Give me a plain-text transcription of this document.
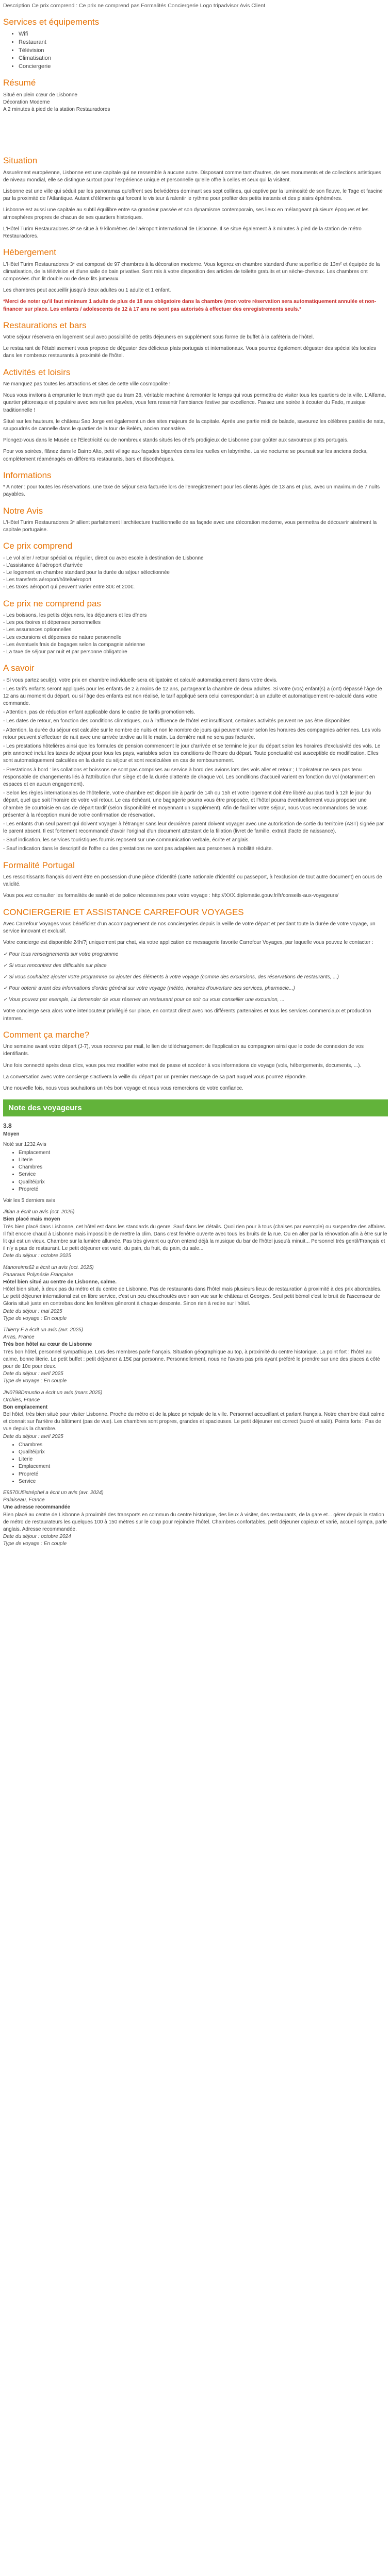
Description Ce prix comprend : Ce prix ne comprend pas Formalités Conciergerie Logo tripadvisor Avis Client
Services et équipements
• Wifi
• Restaurant
• Télévision
• Climatisation
• Conciergerie
Résumé

Situé en plein cœur de Lisbonne
Décoration Moderne
A 2 minutes à pied de la station Restauradores

Situation

Assurément européenne, Lisbonne est une capitale qui ne ressemble à aucune autre. Disposant comme tant d'autres, de ses monuments et de collections artistiques de niveau mondial, elle se distingue surtout pour l'expérience unique et personnelle qu'elle offre à celles et ceux qui la visitent.

Lisbonne est une ville qui séduit par les panoramas qu'offrent ses belvédères dominant ses sept collines, qui captive par la luminosité de son fleuve, le Tage et fascine par la proximité de l'Atlantique. Autant d'éléments qui forcent le visiteur à ralentir le rythme pour profiter des petits instants et des plaisirs éphémères.

Lisbonne est aussi une capitale au subtil équilibre entre sa grandeur passée et son dynamisme contemporain, ses lieux en mélangeant plusieurs époques et les atmosphères propres de chacun de ses quartiers historiques.

L'Hôtel Turim Restauradores 3* se situe à 9 kilomètres de l'aéroport international de Lisbonne. Il se situe également à 3 minutes à pied de la station de métro Restauradores.

Hébergement

L'Hôtel Turim Restauradores 3* est composé de 97 chambres à la décoration moderne. Vous logerez en chambre standard d'une superficie de 13m² et équipée de la climatisation, de la télévision et d'une salle de bain privative. Sont mis à votre disposition des articles de toilette gratuits et un sèche-cheveux. Les chambres ont composées d'un lit double ou de deux lits jumeaux.

Les chambres peut accueillir jusqu'à deux adultes ou 1 adulte et 1 enfant.

*Merci de noter qu'il faut minimum 1 adulte de plus de 18 ans obligatoire dans la chambre (mon votre réservation sera automatiquement annulée et non-financer sur place. Les enfants / adolescents de 12 à 17 ans ne sont pas autorisés à effectuer des enregistrements seuls.*

Restaurations et bars

Votre séjour réservera en logement seul avec possibilité de petits déjeuners en supplément sous forme de buffet à la cafétéria de l'hôtel.

Le restaurant de l'établissement vous propose de déguster des délicieux plats portugais et internationaux. Vous pourrez également déguster des spécialités locales dans les nombreux restaurants à proximité de l'hôtel.

Activités et loisirs

Ne manquez pas toutes les attractions et sites de cette ville cosmopolite !

Nous vous invitons à emprunter le tram mythique du tram 28, véritable machine à remonter le temps qui vous permettra de visiter tous les quartiers de la ville. L'Alfama, quartier pittoresque et populaire avec ses ruelles pavées, vous fera ressentir l'ambiance festive par excellence. Passez une soirée à écouter du Fado, musique traditionnelle !

Situé sur les hauteurs, le château Sao Jorge est également un des sites majeurs de la capitale. Après une partie midi de balade, savourez les célèbres pastéis de nata, saupoudrés de cannelle dans le quartier de la tour de Belém, ancien monastère.

Plongez-vous dans le Musée de l'Électricité ou de nombreux stands situés les chefs prodigieux de Lisbonne pour goûter aux savoureux plats portugais.

Pour vos soirées, flânez dans le Bairro Alto, petit village aux façades bigarrées dans les ruelles en labyrinthe. La vie nocturne se poursuit sur les anciens docks, complètement réaménagés en différents restaurants, bars et discothèques.

Informations

* A noter : pour toutes les réservations, une taxe de séjour sera facturée lors de l'enregistrement pour les clients âgés de 13 ans et plus, avec un maximum de 7 nuits payables.

Notre Avis

L'Hôtel Turim Restauradores 3* allient parfaitement l'architecture traditionnelle de sa façade avec une décoration moderne, vous permettra de découvrir aisément la capitale portugaise.

Ce prix comprend
- Le vol aller / retour spécial ou régulier, direct ou avec escale à destination de Lisbonne
- L'assistance à l'aéroport d'arrivée
- Le logement en chambre standard pour la durée du séjour sélectionnée
- Les transferts aéroport/hôtel/aéroport
- Les taxes aéroport qui peuvent varier entre 30€ et 200€.
Ce prix ne comprend pas
- Les boissons, les petits déjeuners, les déjeuners et les dîners
- Les pourboires et dépenses personnelles
- Les assurances optionnelles
- Les excursions et dépenses de nature personnelle
- Les éventuels frais de bagages selon la compagnie aérienne
- La taxe de séjour par nuit et par personne obligatoire
A savoir

- Si vous partez seul(e), votre prix en chambre individuelle sera obligatoire et calculé automatiquement dans votre devis.

- Les tarifs enfants seront appliqués pour les enfants de 2 à moins de 12 ans, partageant la chambre de deux adultes. Si votre (vos) enfant(s) a (ont) dépassé l'âge de 12 ans au moment du départ, ou si l'âge des enfants est non réalisé, le tarif appliqué sera celui correspondant à un adulte et automatiquement re-calculé dans votre commande.

- Attention, pas de réduction enfant applicable dans le cadre de tarifs promotionnels.

- Les dates de retour, en fonction des conditions climatiques, ou à l'affluence de l'hôtel est insuffisant, certaines activités peuvent ne pas être disponibles.

- Attention, la durée du séjour est calculée sur le nombre de nuits et non le nombre de jours qui peuvent varier selon les horaires des compagnies aériennes. Les vols retour peuvent s'effectuer de nuit avec une arrivée tardive au lit le matin. La dernière nuit ne sera pas facturée.

- Les prestations hôtelières ainsi que les formules de pension commencent le jour d'arrivée et se termine le jour du départ selon les horaires d'exclusivité des vols. Le prix annoncé inclut les taxes de séjour pour tous les pays, variables selon les conditions de l'heure du départ. Toute ponctualité est susceptible de modification. Elles sont automatiquement calculées en la durée du séjour et sont recalculées en cas de remboursement.

- Prestations à bord : les collations et boissons ne sont pas comprises au service à bord des avions lors des vols aller et retour ; L'opérateur ne sera pas tenu responsable de changements liés à l'attribution d'un siège et de la durée d'attente de chaque vol. Les conditions d'accueil varient en fonction du vol (notamment en espaces et en aucun engagement).

- Selon les règles internationales de l'hôtellerie, votre chambre est disponible à partir de 14h ou 15h et votre logement doit être libéré au plus tard à 12h le jour du départ, quel que soit l'horaire de votre vol retour. Le cas échéant, une bagagerie pourra vous être proposée, et l'hôtel pourra éventuellement vous proposer une chambre de courtoisie en cas de départ tardif (selon disponibilité et moyennant un supplément). Afin de faciliter votre séjour, nous vous recommandons de vous présenter à la réception muni de votre confirmation de réservation.

- Les enfants d'un seul parent qui doivent voyager à l'étranger sans leur deuxième parent doivent voyager avec une autorisation de sortie du territoire (AST) signée par le parent absent. Il est fortement recommandé d'avoir l'original d'un document attestant de la filiation (livret de famille, extrait d'acte de naissance).

- Sauf indication, les services touristiques fournis reposent sur une communication verbale, écrite et anglais.

- Sauf indication dans le descriptif de l'offre ou des prestations ne sont pas adaptées aux personnes à mobilité réduite.

Formalité Portugal

Les ressortissants français doivent être en possession d'une pièce d'identité (carte nationale d'identité ou passeport, à l'exclusion de tout autre document) en cours de validité.

Vous pouvez consulter les formalités de santé et de police nécessaires pour votre voyage : http://XXX.diplomatie.gouv.fr/fr/conseils-aux-voyageurs/

CONCIERGERIE ET ASSISTANCE CARREFOUR VOYAGES

Avec Carrefour Voyages vous bénéficiez d'un accompagnement de nos conciergeries depuis la veille de votre départ et pendant toute la durée de votre voyage, un service innovant et exclusif.

Votre concierge est disponible 24h/7j uniquement par chat, via votre application de messagerie favorite Carrefour Voyages, par laquelle vous pouvez le contacter :

✓ Pour tous renseignements sur votre programme

✓ Si vous rencontrez des difficultés sur place

✓ Si vous souhaitez ajouter votre programme ou ajouter des éléments à votre voyage (comme des excursions, des réservations de restaurants, ...)

✓ Pour obtenir avant des informations d'ordre général sur votre voyage (météo, horaires d'ouverture des services, pharmacie...)

✓ Vous pouvez par exemple, lui demander de vous réserver un restaurant pour ce soir ou vous conseiller une excursion, ...

Votre concierge sera alors votre interlocuteur privilégié sur place, en contact direct avec nos différents partenaires et tous les services commerciaux et production internes.

Comment ça marche?

Une semaine avant votre départ (J-7), vous recevrez par mail, le lien de téléchargement de l'application au compagnon ainsi que le code de connexion de vos identifiants.

Une fois connecté après deux clics, vous pourrez modifier votre mot de passe et accéder à vos informations de voyage (vols, hébergements, documents, ...).

La conversation avec votre concierge s'activera la veille du départ par un premier message de sa part auquel vous pourrez répondre.

Une nouvelle fois, nous vous souhaitons un très bon voyage et nous vous remercions de votre confiance.

Note des voyageurs
3.8
Moyen
Noté sur 1232 Avis
• Emplacement
• Literie
• Chambres
• Service
• Qualité/prix
• Propreté
Voir les 5 derniers avis
Jitian a écrit un avis (oct. 2025)
Bien placé mais moyen
Très bien placé dans Lisbonne, cet hôtel est dans les standards du genre. Sauf dans les détails. Quoi rien pour à tous (chaises par exemple) ou suspendre des affaires. Il fait encore chaud à Lisbonne mais impossible de mettre la clim. Dans c'est fenêtre ouverte avec tous les bruits de la rue. Ou en aller par la rénovation afin à être sur le lit qui est un vieux. Chambre sur la lumière allumée. Pas très givrant ou qu'on entend déjà la musique du bar de l'hôtel jusqu'à minuit... Personnel très gentil/Français et il n'y a pas de restaurant. Le petit déjeuner est varié, du pain, du fruit, du pain, du sale...
Date du séjour : octobre 2025
Manoreims62 a écrit un avis (oct. 2025)
Panaraux Polynésie Française
Hôtel bien situé au centre de Lisbonne, calme.
Hôtel bien situé, à deux pas du métro et du centre de Lisbonne. Pas de restaurants dans l'hôtel mais plusieurs lieux de restauration à proximité à des prix abordables. Le petit déjeuner international est en libre service, c'est un peu chouchoutés avoir son vue sur le château et Georges. Seul petit bémol c'est le bruit de l'ascenseur de Gloria situé juste en contrebas donc les fenêtres gêneront à chaque descente. Sinon rien à redire sur l'hôtel.
Date du séjour : mai 2025
Type de voyage : En couple
Thierry F a écrit un avis (avr. 2025)
Arras, France
Très bon hôtel au cœur de Lisbonne
Très bon hôtel, personnel sympathique. Lors des membres parle français. Situation géographique au top, à proximité du centre historique. La point fort : l'hôtel au calme, bonne literie. Le petit buffet : petit déjeuner à 15€ par personne. Personnellement, nous ne l'avons pas pris ayant préféré le prendre sur une des places à côté pour de 10e pour deux.
Date du séjour : avril 2025
Type de voyage : En couple
JN0798Dmustio a écrit un avis (mars 2025)
Orchies, France
Bon emplacement
Bel hôtel, très bien situé pour visiter Lisbonne. Proche du métro et de la place principale de la ville. Personnel accueillant et parlant français. Notre chambre était calme et donnait sur l'arrière du bâtiment (pas de vue). Les chambres sont propres, grandes et spacieuses. Le petit déjeuner est correct (sucré et salé). Points forts : Pas de vue depuis la chambre.
Date du séjour : avril 2025
• Chambres
• Qualité/prix
• Literie
• Emplacement
• Propreté
• Service
E9570U5istréphel a écrit un avis (avr. 2024)
Palaiseau, France
Une adresse recommandée
Bien placé au centre de Lisbonne à proximité des transports en commun du centre historique, des lieux à visiter, des restaurants, de la gare et... gérer depuis la station de métro de restaurateurs les quelques 100 à 150 mètres sur le coup pour rejoindre l'hôtel. Chambres confortables, petit déjeuner copieux et varié, accueil sympa, parle anglais. Adresse recommandée.
Date du séjour : octobre 2024
Type de voyage : En couple
